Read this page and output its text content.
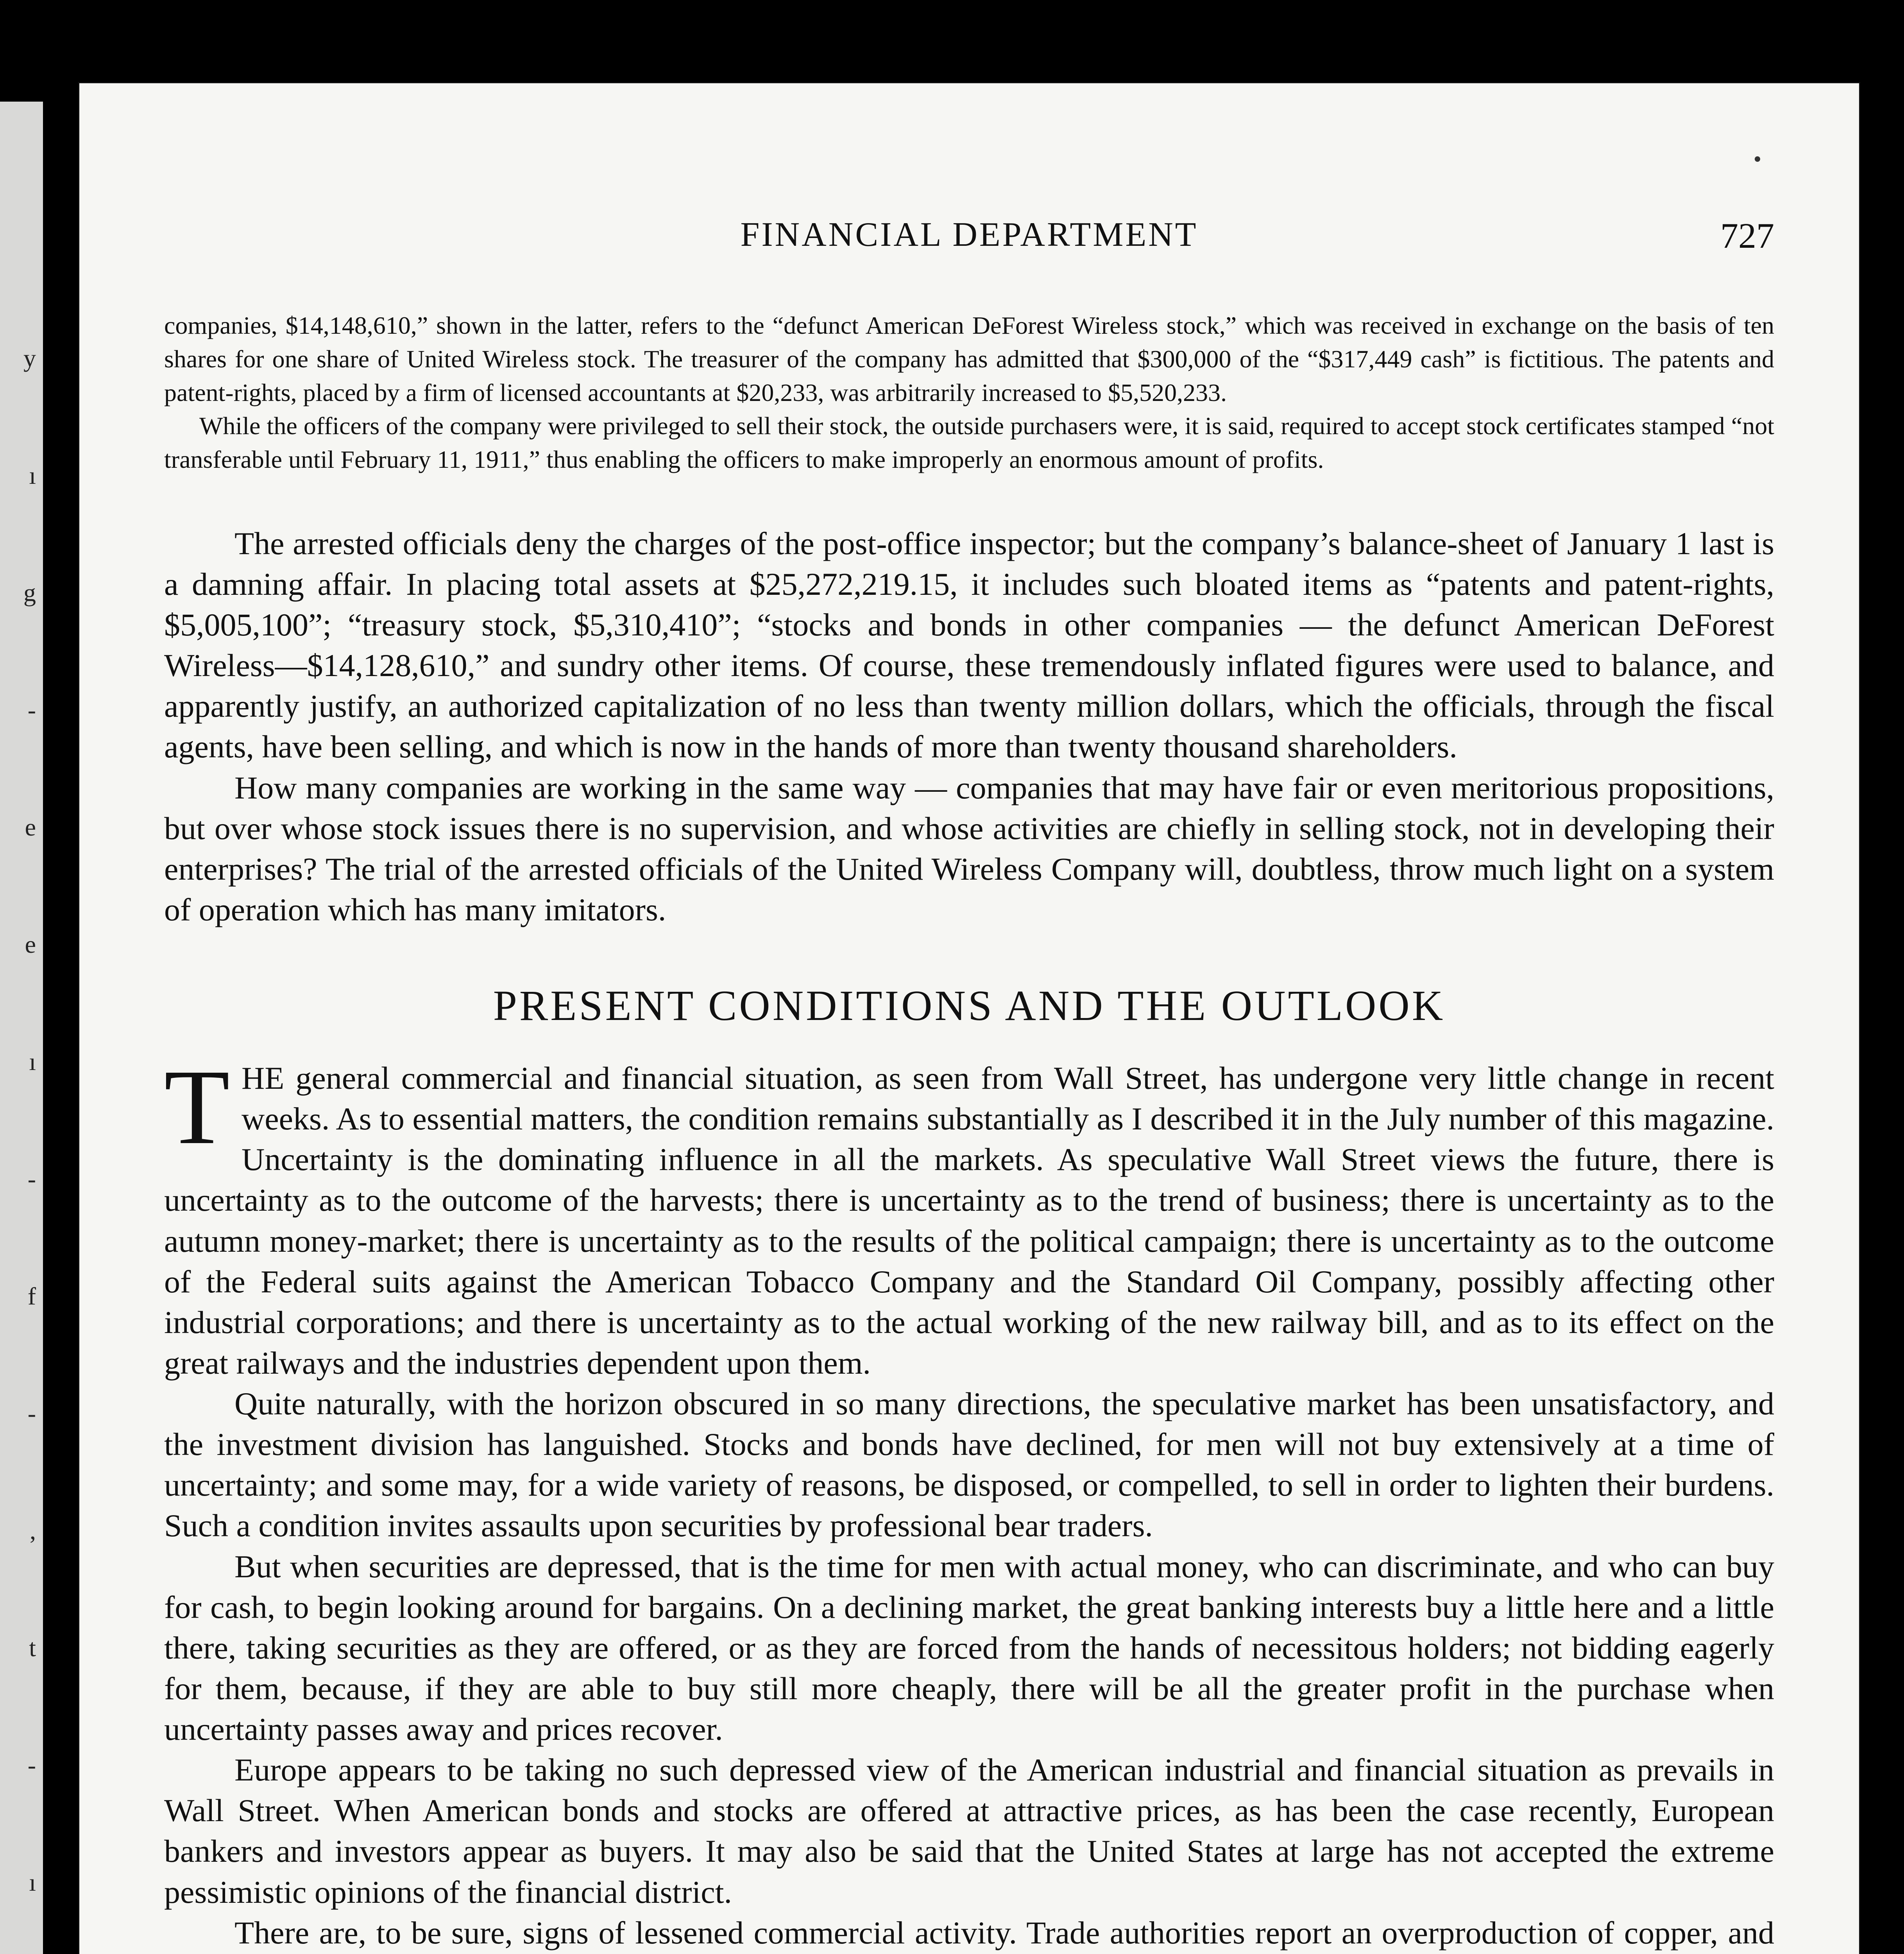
y
ı
g
-
e
e
ı
-
f
-
,
t
-
ı
FINANCIAL DEPARTMENT	727

companies, $14,148,610,” shown in the latter, refers to the “defunct American DeForest Wireless stock,” which was received in exchange on the basis of ten shares for one share of United Wireless stock. The treasurer of the company has admitted that $300,000 of the “$317,449 cash” is fictitious. The patents and patent-rights, placed by a firm of licensed accountants at $20,233, was arbitrarily increased to $5,520,233.

While the officers of the company were privileged to sell their stock, the outside purchasers were, it is said, required to accept stock certificates stamped “not transferable until February 11, 1911,” thus enabling the officers to make improperly an enormous amount of profits.

The arrested officials deny the charges of the post-office inspector; but the company’s balance-sheet of January 1 last is a damning affair. In placing total assets at $25,272,219.15, it includes such bloated items as “patents and patent-rights, $5,005,100”; “treasury stock, $5,310,410”; “stocks and bonds in other companies — the defunct American DeForest Wireless—$14,128,610,” and sundry other items. Of course, these tremendously inflated figures were used to balance, and apparently justify, an authorized capitalization of no less than twenty million dollars, which the officials, through the fiscal agents, have been selling, and which is now in the hands of more than twenty thousand shareholders.

How many companies are working in the same way — companies that may have fair or even meritorious propositions, but over whose stock issues there is no supervision, and whose activities are chiefly in selling stock, not in developing their enterprises? The trial of the arrested officials of the United Wireless Company will, doubtless, throw much light on a system of operation which has many imitators.

PRESENT CONDITIONS AND THE OUTLOOK

THE general commercial and financial situation, as seen from Wall Street, has undergone very little change in recent weeks. As to essential matters, the condition remains substantially as I described it in the July number of this magazine. Uncertainty is the dominating influence in all the markets. As speculative Wall Street views the future, there is uncertainty as to the outcome of the harvests; there is uncertainty as to the trend of business; there is uncertainty as to the autumn money-market; there is uncertainty as to the results of the political campaign; there is uncertainty as to the outcome of the Federal suits against the American Tobacco Company and the Standard Oil Company, possibly affecting other industrial corporations; and there is uncertainty as to the actual working of the new railway bill, and as to its effect on the great railways and the industries dependent upon them.

Quite naturally, with the horizon obscured in so many directions, the speculative market has been unsatisfactory, and the investment division has languished. Stocks and bonds have declined, for men will not buy extensively at a time of uncertainty; and some may, for a wide variety of reasons, be disposed, or compelled, to sell in order to lighten their burdens. Such a condition invites assaults upon securities by professional bear traders.

But when securities are depressed, that is the time for men with actual money, who can discriminate, and who can buy for cash, to begin looking around for bargains. On a declining market, the great banking interests buy a little here and a little there, taking securities as they are offered, or as they are forced from the hands of necessitous holders; not bidding eagerly for them, because, if they are able to buy still more cheaply, there will be all the greater profit in the purchase when uncertainty passes away and prices recover.

Europe appears to be taking no such depressed view of the American industrial and financial situation as prevails in Wall Street. When American bonds and stocks are offered at attractive prices, as has been the case recently, European bankers and investors appear as buyers. It may also be said that the United States at large has not accepted the extreme pessimistic opinions of the financial district.

There are, to be sure, signs of lessened commercial activity. Trade authorities report an overproduction of copper, and
